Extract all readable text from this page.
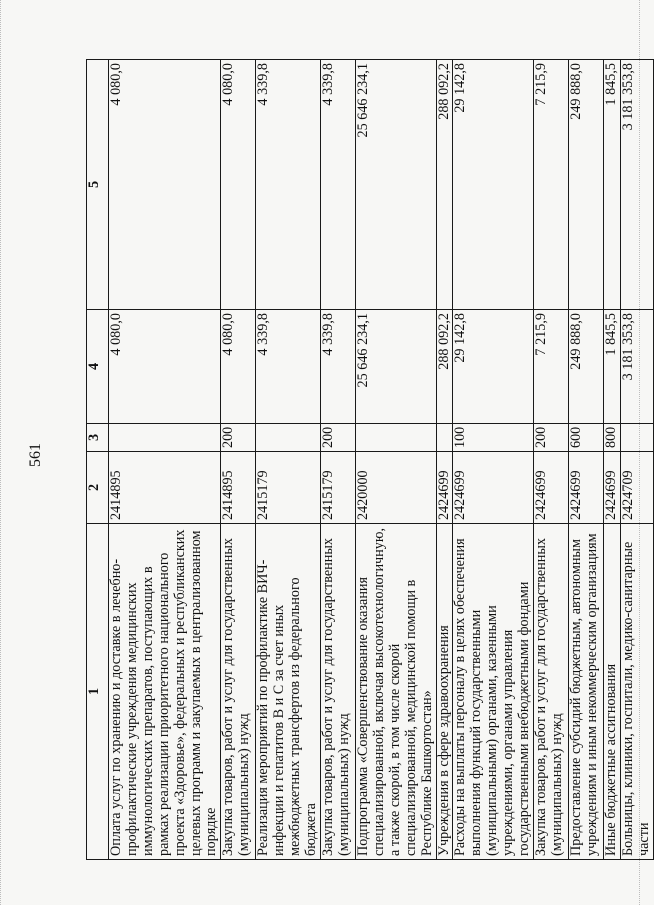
561
1	2	3	4	5
Оплата услуг по хранению и доставке в лечебно-профилактические учреждения медицинских иммунологических препаратов, поступающих в рамках реализации приоритетного национального проекта «Здоровье», федеральных и республиканских целевых программ и закупаемых в централизованном порядке	2414895		4 080,0	4 080,0
Закупка товаров, работ и услуг для государственных (муниципальных) нужд	2414895	200	4 080,0	4 080,0
Реализация мероприятий по профилактике ВИЧ-инфекции и гепатитов В и С за счет иных межбюджетных трансфертов из федерального бюджета	2415179		4 339,8	4 339,8
Закупка товаров, работ и услуг для государственных (муниципальных) нужд	2415179	200	4 339,8	4 339,8
Подпрограмма «Совершенствование оказания специализированной, включая высокотехнологичную, а также скорой, в том числе скорой специализированной, медицинской помощи в Республике Башкортостан»	2420000		25 646 234,1	25 646 234,1
Учреждения в сфере здравоохранения	2424699		288 092,2	288 092,2
Расходы на выплаты персоналу в целях обеспечения выполнения функций государственными (муниципальными) органами, казенными учреждениями, органами управления государственными внебюджетными фондами	2424699	100	29 142,8	29 142,8
Закупка товаров, работ и услуг для государственных (муниципальных) нужд	2424699	200	7 215,9	7 215,9
Предоставление субсидий бюджетным, автономным учреждениям и иным некоммерческим организациям	2424699	600	249 888,0	249 888,0
Иные бюджетные ассигнования	2424699	800	1 845,5	1 845,5
Больницы, клиники, госпитали, медико-санитарные части	2424709		3 181 353,8	3 181 353,8
